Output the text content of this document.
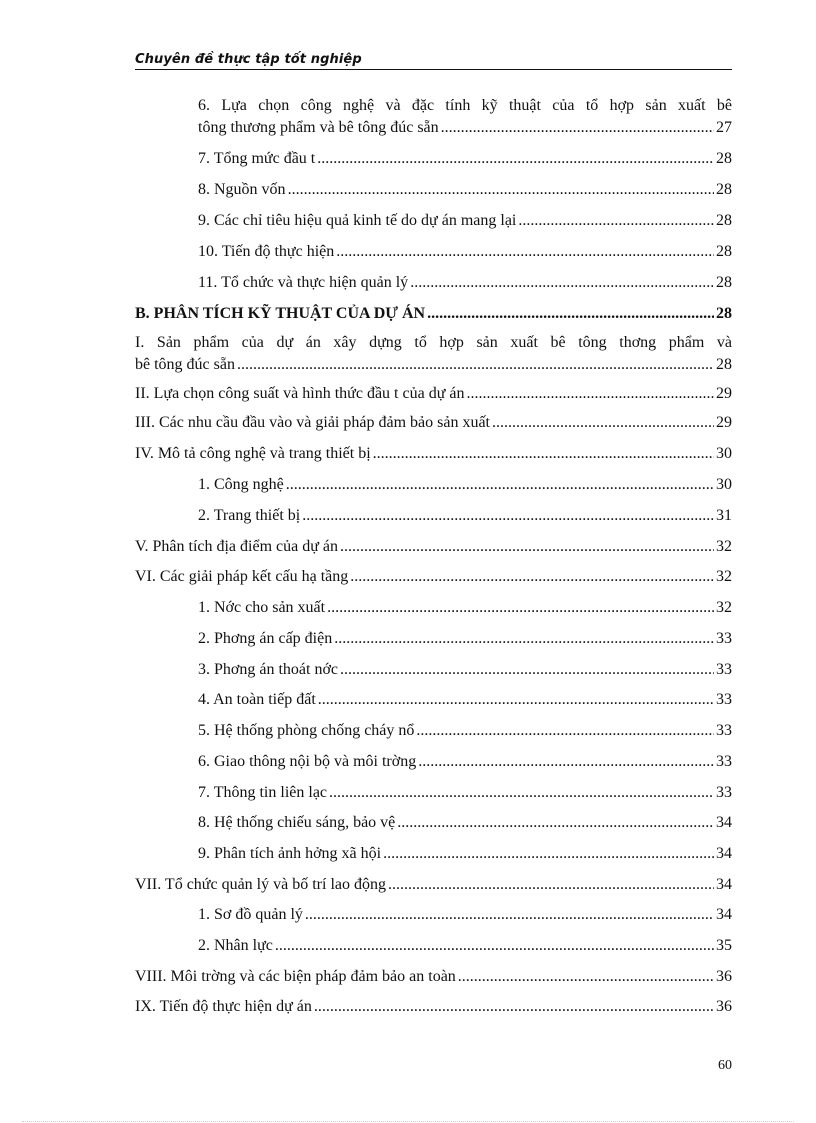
Chuyên đề thực tập tốt nghiệp
6. Lựa chọn công nghệ và đặc tính kỹ thuật của tổ hợp sản xuất bê
tông thương phẩm và bê tông đúc sẵn . . .	27
7. Tổng mức đầu t . . .	28
8. Nguồn vốn . . .	28
9. Các chỉ tiêu hiệu quả kinh tế do dự án mang lại . . .	28
10. Tiến độ thực hiện . . .	28
11. Tổ chức và thực hiện quản lý . . .	28
B. PHÂN TÍCH KỸ THUẬT CỦA DỰ ÁN . . .	28
I. Sản phẩm của dự án xây dựng tổ hợp sản xuất bê tông thơng phẩm và
bê tông đúc sẵn . . .	28
II. Lựa chọn công suất và hình thức đầu t của dự án . . .	29
III. Các nhu cầu đầu vào và giải pháp đảm bảo sản xuất . . .	29
IV. Mô tả công nghệ và trang thiết bị . . .	30
1. Công nghệ . . .	30
2. Trang thiết bị . . .	31
V. Phân tích địa điểm của dự án . . .	32
VI. Các giải pháp kết cấu hạ tầng . . .	32
1. Nớc cho sản xuất . . .	32
2. Phơng án cấp điện . . .	33
3. Phơng án thoát nớc . . .	33
4. An toàn tiếp đất . . .	33
5. Hệ thống phòng chống cháy nổ . . .	33
6. Giao thông nội bộ và môi trờng . . .	33
7. Thông tin liên lạc . . .	33
8. Hệ thống chiếu sáng, bảo vệ . . .	34
9. Phân tích ảnh hởng xã hội . . .	34
VII. Tổ chức quản lý và bố trí lao động . . .	34
1. Sơ đồ quản lý . . .	34
2. Nhân lực . . .	35
VIII. Môi trờng và các biện pháp đảm bảo an toàn . . .	36
IX. Tiến độ thực hiện dự án . . .	36
60
